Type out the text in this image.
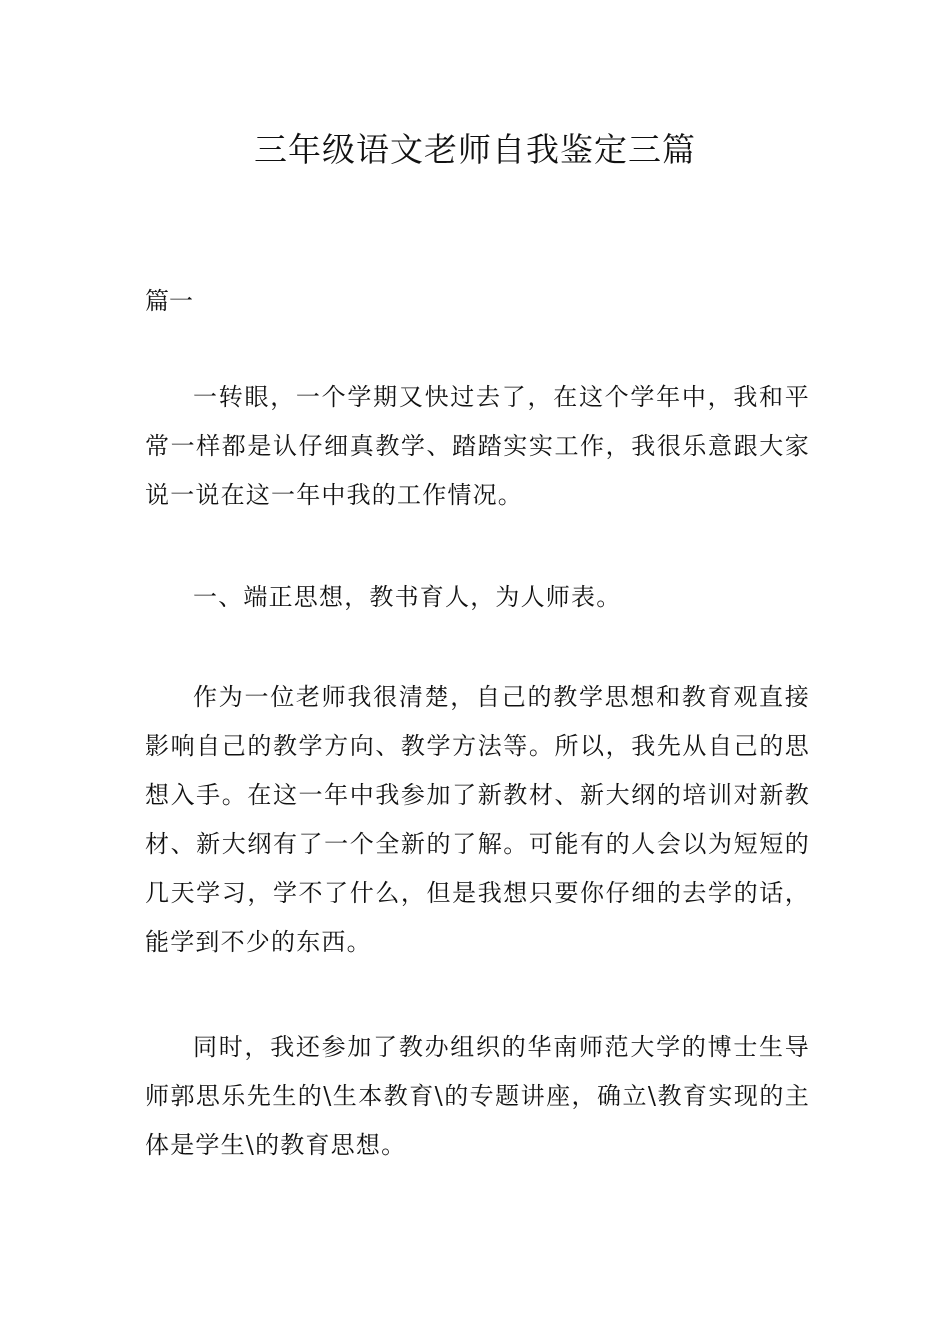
三年级语文老师自我鉴定三篇
篇一

一转眼，一个学期又快过去了，在这个学年中，我和平常一样都是认仔细真教学、踏踏实实工作，我很乐意跟大家说一说在这一年中我的工作情况。

一、端正思想，教书育人，为人师表。

作为一位老师我很清楚，自己的教学思想和教育观直接影响自己的教学方向、教学方法等。所以，我先从自己的思想入手。在这一年中我参加了新教材、新大纲的培训对新教材、新大纲有了一个全新的了解。可能有的人会以为短短的几天学习，学不了什么，但是我想只要你仔细的去学的话，能学到不少的东西。

同时，我还参加了教办组织的华南师范大学的博士生导师郭思乐先生的\生本教育\的专题讲座，确立\教育实现的主体是学生\的教育思想。
